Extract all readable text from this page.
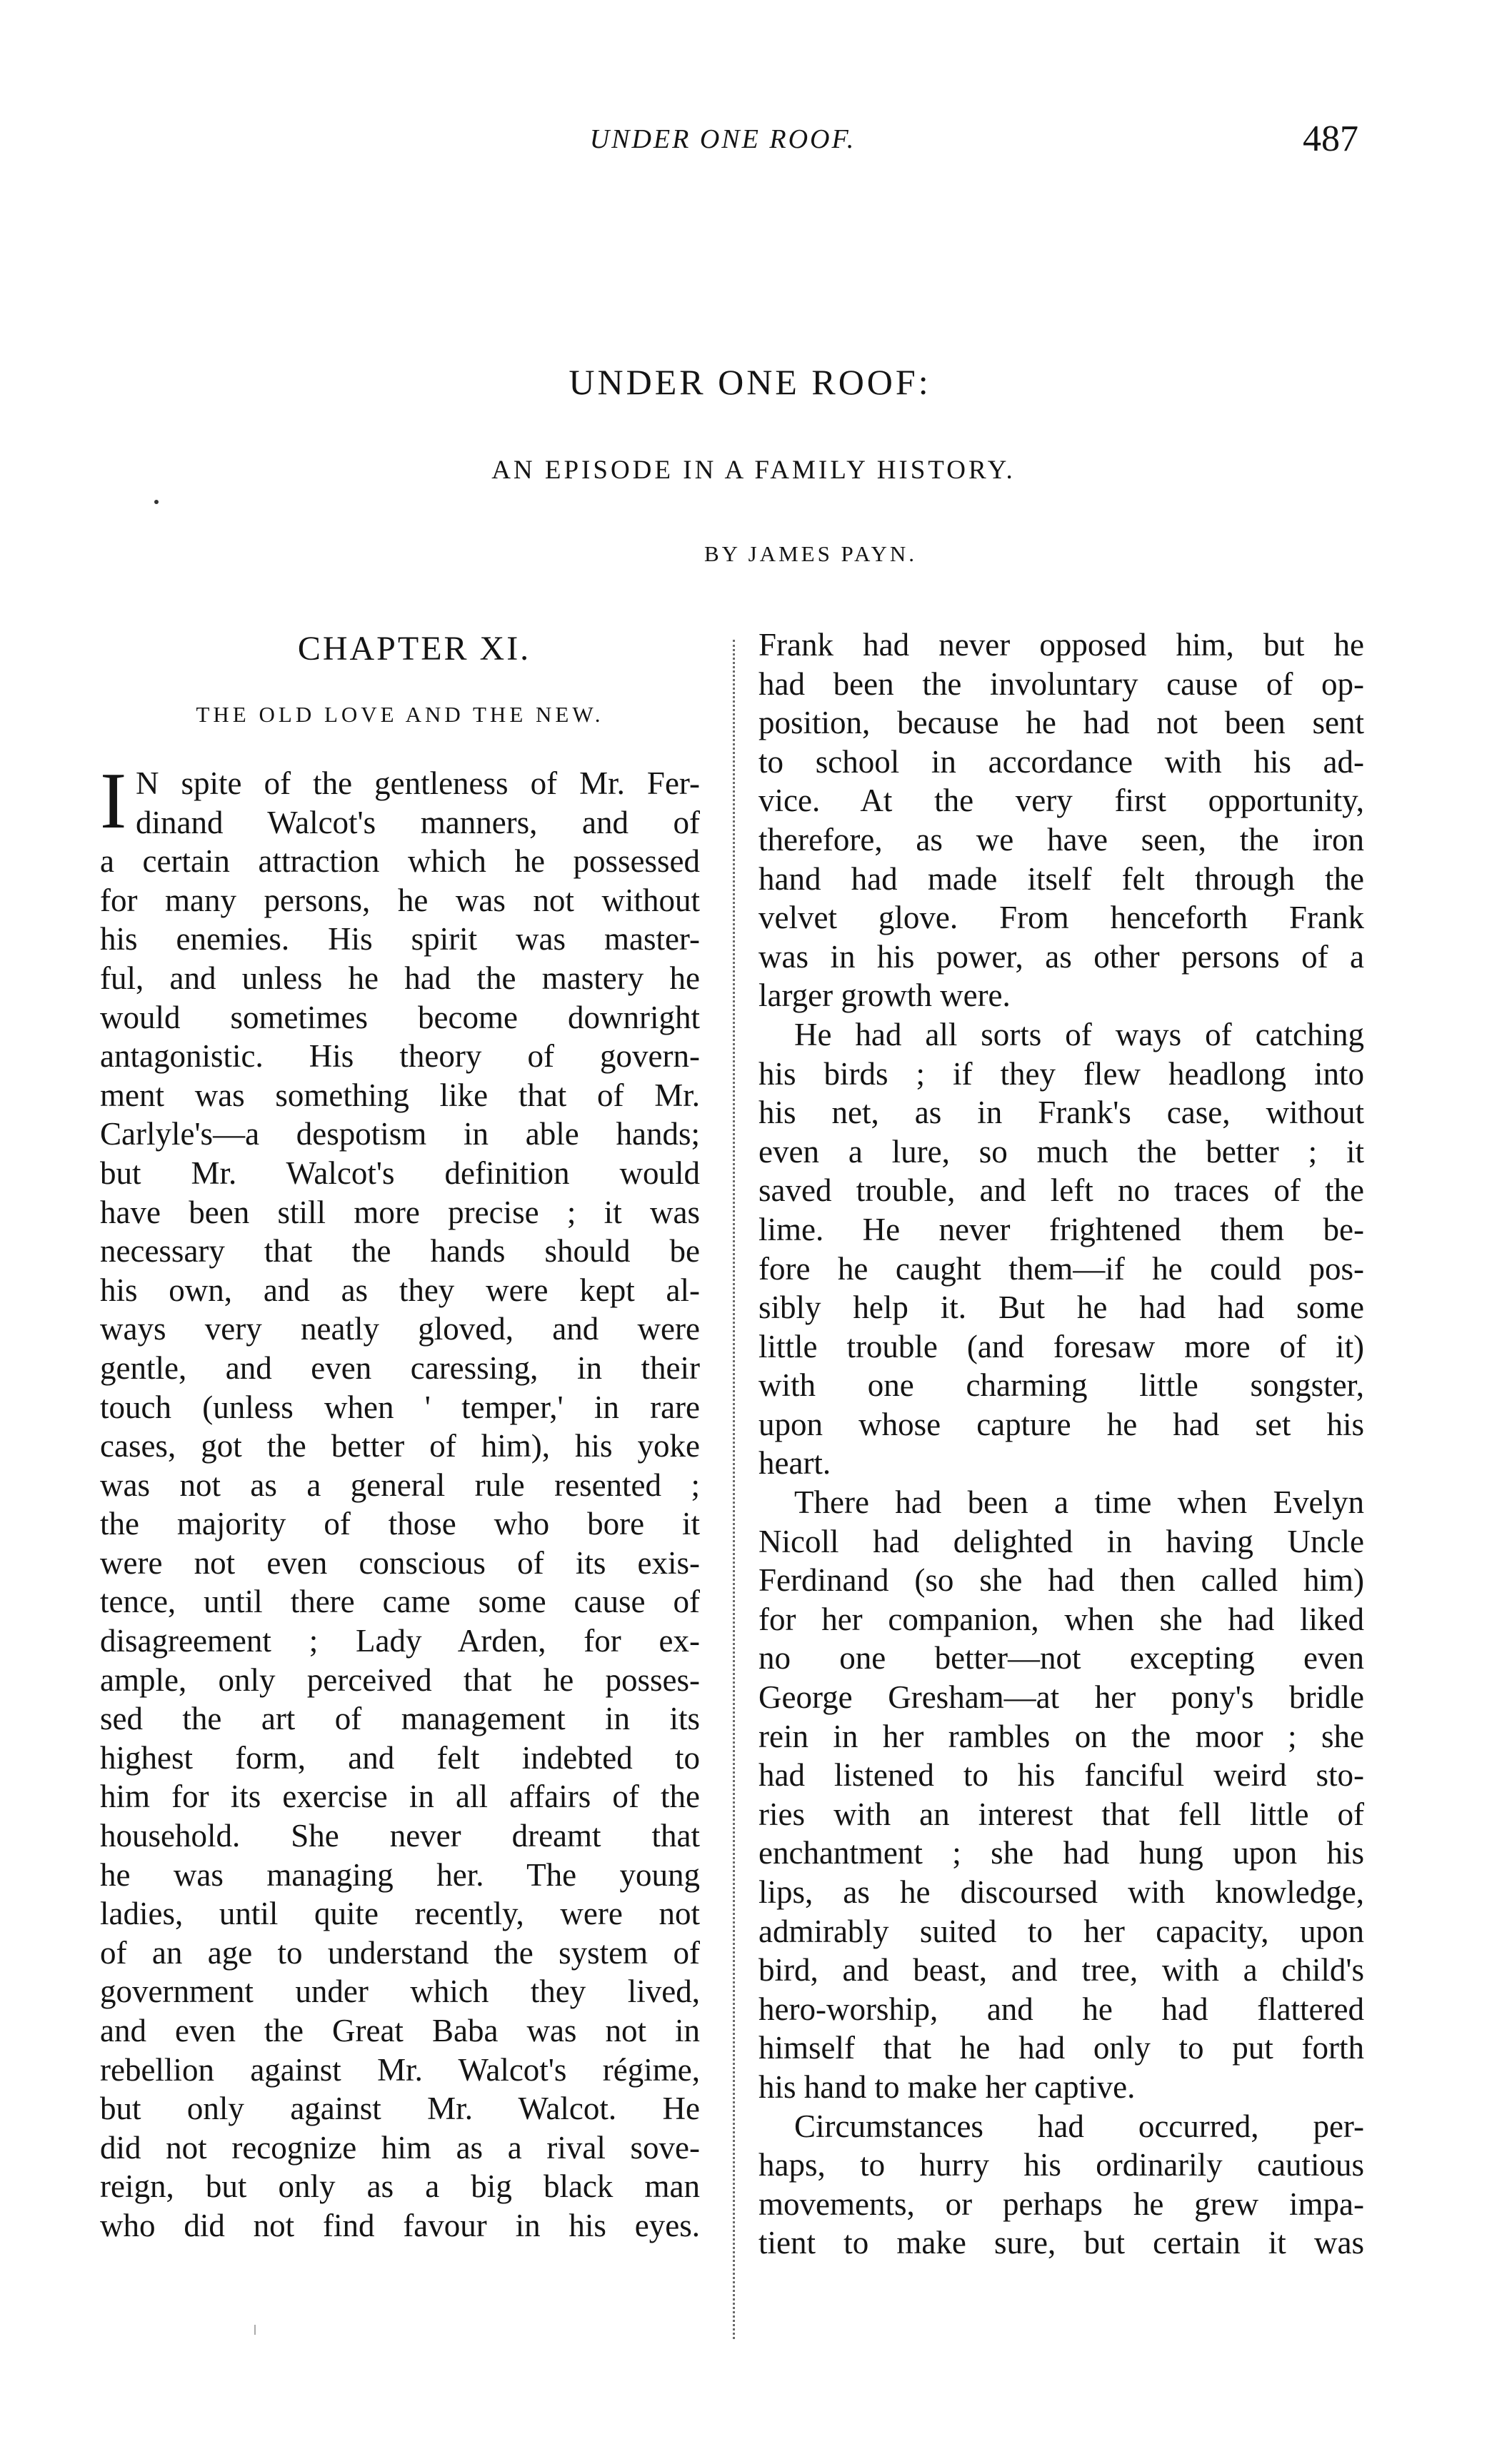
UNDER ONE ROOF.	487
UNDER ONE ROOF:
AN EPISODE IN A FAMILY HISTORY.
BY JAMES PAYN.
CHAPTER XI.
THE OLD LOVE AND THE NEW.
I N spite of the gentleness of Mr. Fer-
dinand Walcot's manners, and of
a certain attraction which he possessed
for many persons, he was not without
his enemies. His spirit was master-
ful, and unless he had the mastery he
would sometimes become downright
antagonistic. His theory of govern-
ment was something like that of Mr.
Carlyle's—a despotism in able hands;
but Mr. Walcot's definition would
have been still more precise ; it was
necessary that the hands should be
his own, and as they were kept al-
ways very neatly gloved, and were
gentle, and even caressing, in their
touch (unless when ' temper,' in rare
cases, got the better of him), his yoke
was not as a general rule resented ;
the majority of those who bore it
were not even conscious of its exis-
tence, until there came some cause of
disagreement ; Lady Arden, for ex-
ample, only perceived that he posses-
sed the art of management in its
highest form, and felt indebted to
him for its exercise in all affairs of the
household. She never dreamt that
he was managing her. The young
ladies, until quite recently, were not
of an age to understand the system of
government under which they lived,
and even the Great Baba was not in
rebellion against Mr. Walcot's régime,
but only against Mr. Walcot. He
did not recognize him as a rival sove-
reign, but only as a big black man
who did not find favour in his eyes.
Frank had never opposed him, but he
had been the involuntary cause of op-
position, because he had not been sent
to school in accordance with his ad-
vice. At the very first opportunity,
therefore, as we have seen, the iron
hand had made itself felt through the
velvet glove. From henceforth Frank
was in his power, as other persons of a
larger growth were.
He had all sorts of ways of catching
his birds ; if they flew headlong into
his net, as in Frank's case, without
even a lure, so much the better ; it
saved trouble, and left no traces of the
lime. He never frightened them be-
fore he caught them—if he could pos-
sibly help it. But he had had some
little trouble (and foresaw more of it)
with one charming little songster,
upon whose capture he had set his
heart.
There had been a time when Evelyn
Nicoll had delighted in having Uncle
Ferdinand (so she had then called him)
for her companion, when she had liked
no one better—not excepting even
George Gresham—at her pony's bridle
rein in her rambles on the moor ; she
had listened to his fanciful weird sto-
ries with an interest that fell little of
enchantment ; she had hung upon his
lips, as he discoursed with knowledge,
admirably suited to her capacity, upon
bird, and beast, and tree, with a child's
hero-worship, and he had flattered
himself that he had only to put forth
his hand to make her captive.
Circumstances had occurred, per-
haps, to hurry his ordinarily cautious
movements, or perhaps he grew impa-
tient to make sure, but certain it was
